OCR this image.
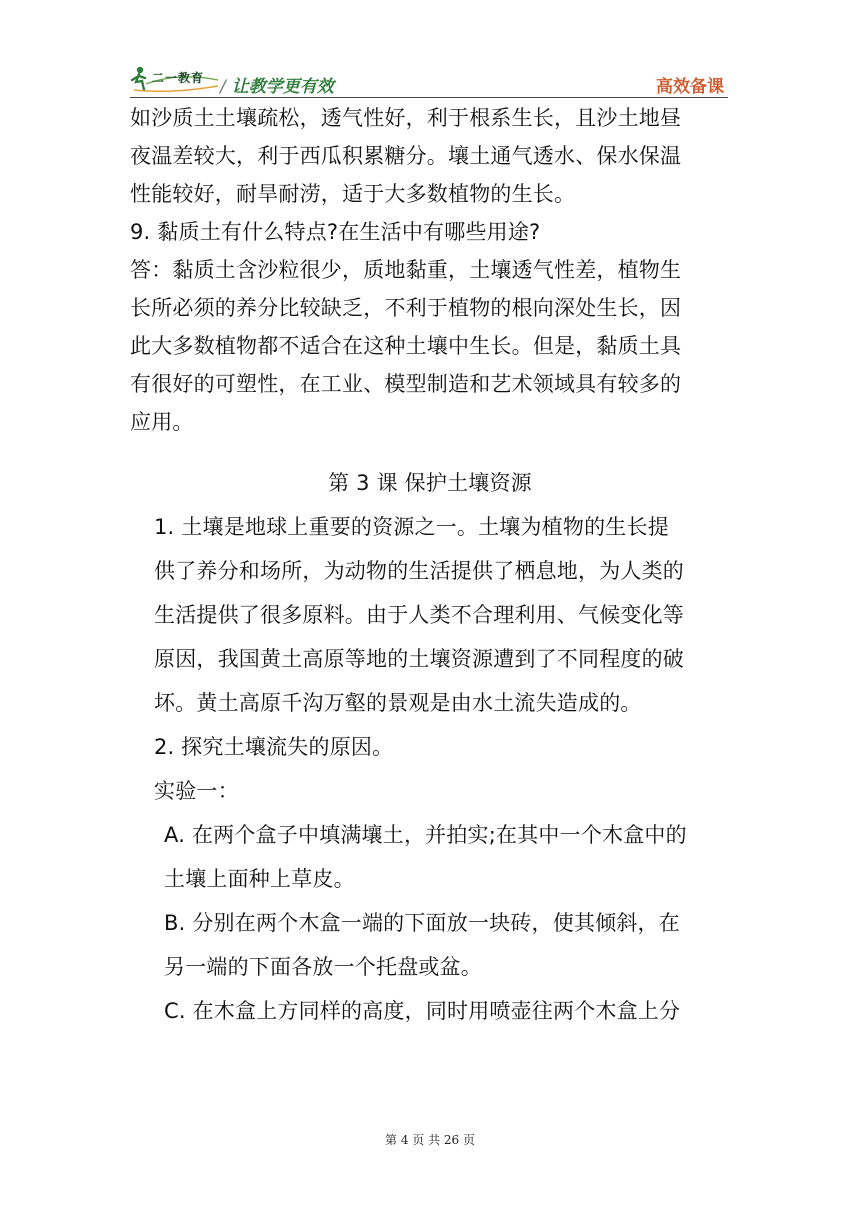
二一教育 / 让教学更有效	高效备课
如沙质土土壤疏松，透气性好，利于根系生长，且沙土地昼
夜温差较大，利于西瓜积累糖分。壤土通气透水、保水保温
性能较好，耐旱耐涝，适于大多数植物的生长。
9. 黏质土有什么特点?在生活中有哪些用途?
答：黏质土含沙粒很少，质地黏重，土壤透气性差，植物生
长所必须的养分比较缺乏，不利于植物的根向深处生长，因
此大多数植物都不适合在这种土壤中生长。但是，黏质土具
有很好的可塑性，在工业、模型制造和艺术领域具有较多的
应用。
第 3 课 保护土壤资源
1. 土壤是地球上重要的资源之一。土壤为植物的生长提
供了养分和场所，为动物的生活提供了栖息地，为人类的
生活提供了很多原料。由于人类不合理利用、气候变化等
原因，我国黄土高原等地的土壤资源遭到了不同程度的破
坏。黄土高原千沟万壑的景观是由水土流失造成的。
2. 探究土壤流失的原因。
实验一：
A. 在两个盒子中填满壤土，并拍实;在其中一个木盒中的
土壤上面种上草皮。
B. 分别在两个木盒一端的下面放一块砖，使其倾斜，在
另一端的下面各放一个托盘或盆。
C. 在木盒上方同样的高度，同时用喷壶往两个木盒上分
第 4 页 共 26 页
